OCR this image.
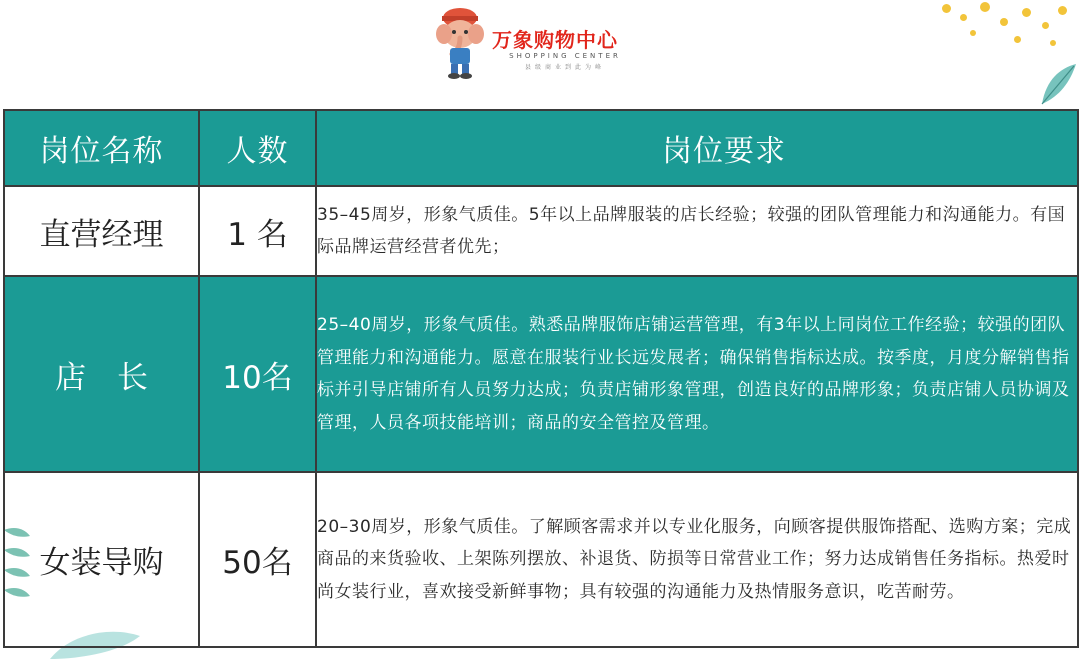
万象购物中心
SHOPPING CENTER
县级商业到此为峰
岗位名称	人数	岗位要求
直营经理	1 名	35–45周岁，形象气质佳。5年以上品牌服装的店长经验；较强的团队管理能力和沟通能力。有国际品牌运营经营者优先；
店　长	10名	25–40周岁，形象气质佳。熟悉品牌服饰店铺运营管理，有3年以上同岗位工作经验；较强的团队管理能力和沟通能力。愿意在服装行业长远发展者；确保销售指标达成。按季度，月度分解销售指标并引导店铺所有人员努力达成；负责店铺形象管理，创造良好的品牌形象；负责店铺人员协调及管理，人员各项技能培训；商品的安全管控及管理。
女装导购	50名	20–30周岁，形象气质佳。了解顾客需求并以专业化服务，向顾客提供服饰搭配、选购方案；完成商品的来货验收、上架陈列摆放、补退货、防损等日常营业工作；努力达成销售任务指标。热爱时尚女装行业，喜欢接受新鲜事物；具有较强的沟通能力及热情服务意识，吃苦耐劳。
